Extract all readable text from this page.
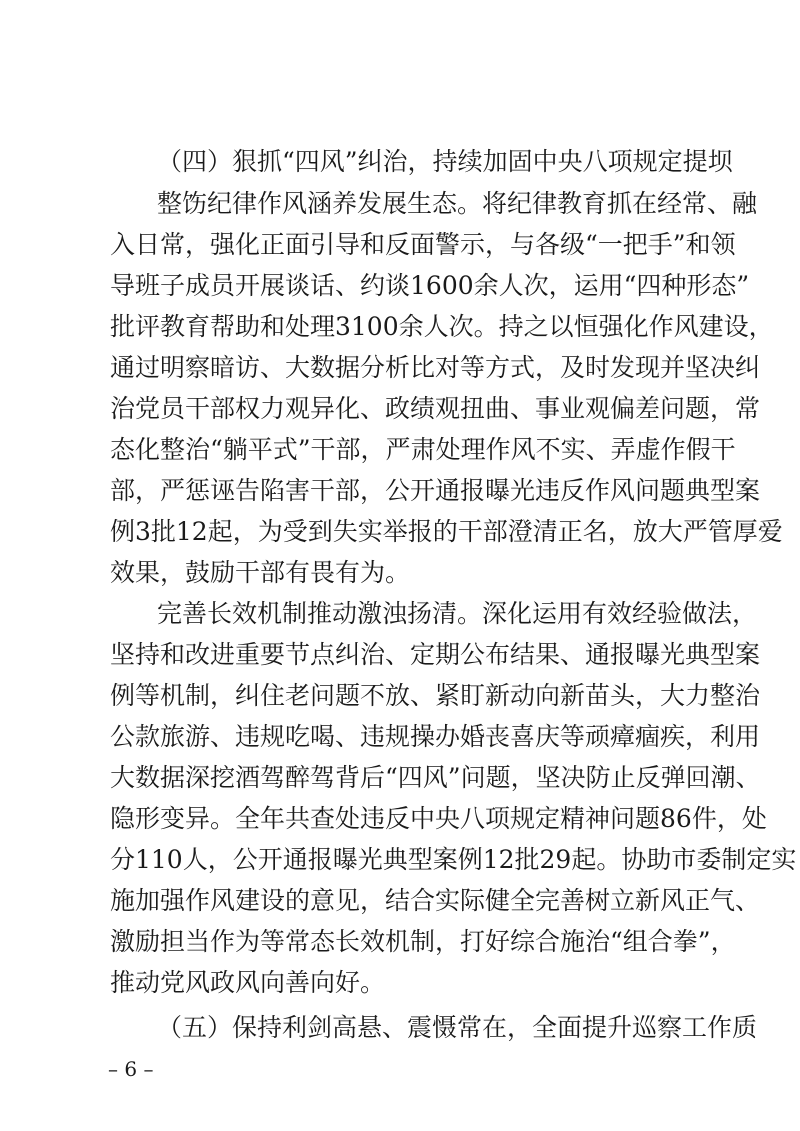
（四）狠抓“四风”纠治，持续加固中央八项规定提坝
整饬纪律作风涵养发展生态。将纪律教育抓在经常、融
入日常，强化正面引导和反面警示，与各级“一把手”和领
导班子成员开展谈话、约谈1600余人次，运用“四种形态”
批评教育帮助和处理3100余人次。持之以恒强化作风建设，
通过明察暗访、大数据分析比对等方式，及时发现并坚决纠
治党员干部权力观异化、政绩观扭曲、事业观偏差问题，常
态化整治“躺平式”干部，严肃处理作风不实、弄虚作假干
部，严惩诬告陷害干部，公开通报曝光违反作风问题典型案
例3批12起，为受到失实举报的干部澄清正名，放大严管厚爱
效果，鼓励干部有畏有为。
完善长效机制推动激浊扬清。深化运用有效经验做法，
坚持和改进重要节点纠治、定期公布结果、通报曝光典型案
例等机制，纠住老问题不放、紧盯新动向新苗头，大力整治
公款旅游、违规吃喝、违规操办婚丧喜庆等顽瘴痼疾，利用
大数据深挖酒驾醉驾背后“四风”问题，坚决防止反弹回潮、
隐形变异。全年共查处违反中央八项规定精神问题86件，处
分110人，公开通报曝光典型案例12批29起。协助市委制定实
施加强作风建设的意见，结合实际健全完善树立新风正气、
激励担当作为等常态长效机制，打好综合施治“组合拳”，
推动党风政风向善向好。
（五）保持利剑高悬、震慑常在，全面提升巡察工作质
– 6 –
